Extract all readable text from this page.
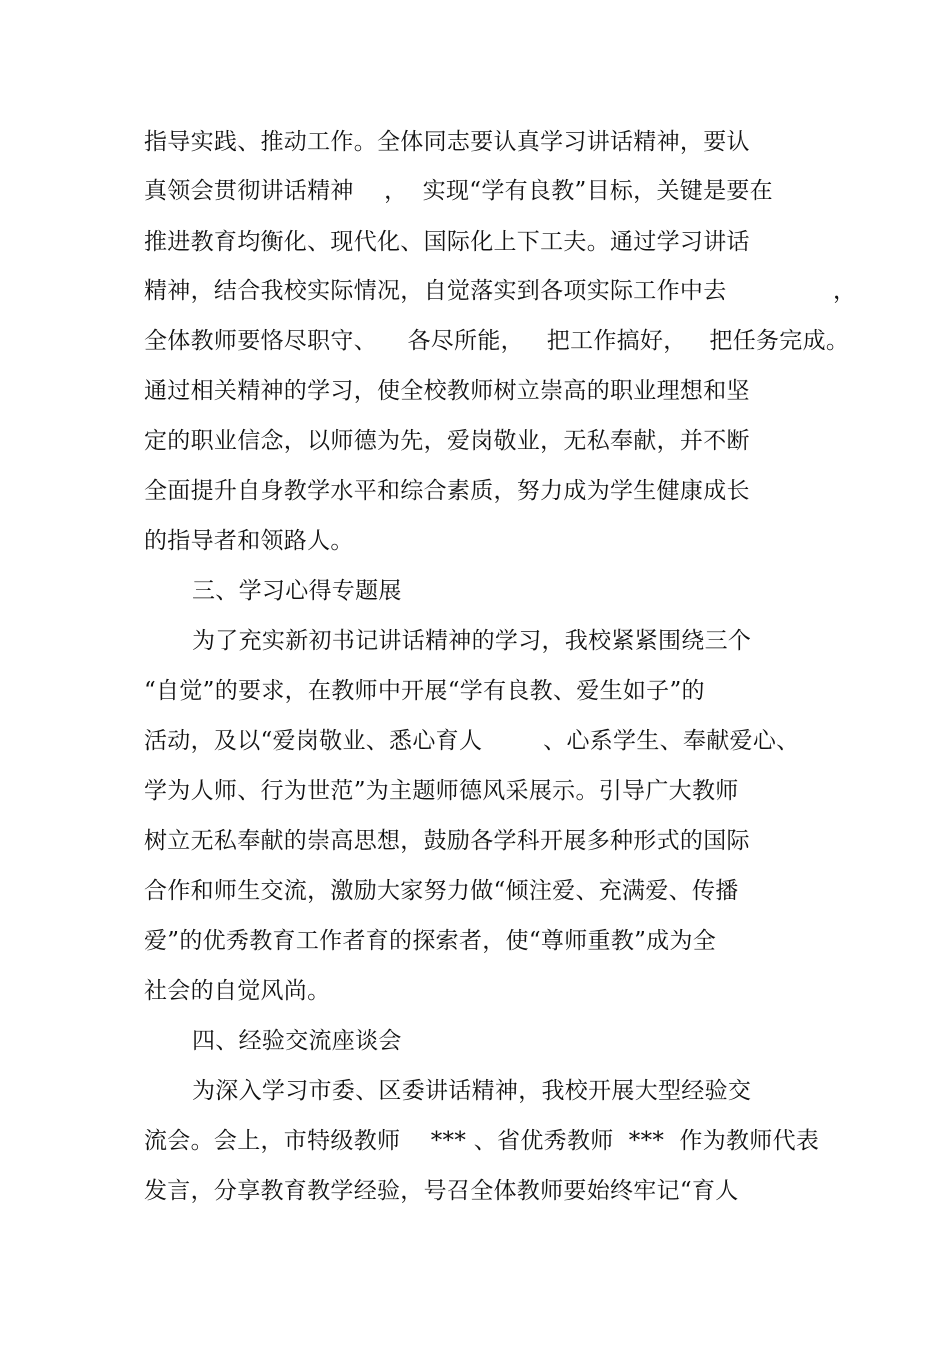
指导实践、推动工作。全体同志要认真学习讲话精神，要认
真领会贯彻讲话精神    ，  实现“学有良教”目标，关键是要在
推进教育均衡化、现代化、国际化上下工夫。通过学习讲话
精神，结合我校实际情况，自觉落实到各项实际工作中去              ，
全体教师要恪尽职守、    各尽所能，   把工作搞好，   把任务完成。
通过相关精神的学习，使全校教师树立崇高的职业理想和坚
定的职业信念，以师德为先，爱岗敬业，无私奉献，并不断
全面提升自身教学水平和综合素质，努力成为学生健康成长
的指导者和领路人。
三、学习心得专题展
为了充实新初书记讲话精神的学习，我校紧紧围绕三个
“自觉”的要求，在教师中开展“学有良教、爱生如子”的
活动，及以“爱岗敬业、悉心育人        、心系学生、奉献爱心、
学为人师、行为世范”为主题师德风采展示。引导广大教师
树立无私奉献的崇高思想，鼓励各学科开展多种形式的国际
合作和师生交流，激励大家努力做“倾注爱、充满爱、传播
爱”的优秀教育工作者育的探索者，使“尊师重教”成为全
社会的自觉风尚。
四、经验交流座谈会
为深入学习市委、区委讲话精神，我校开展大型经验交
流会。会上，市特级教师    *** 、省优秀教师  ***  作为教师代表
发言，分享教育教学经验，号召全体教师要始终牢记“育人
